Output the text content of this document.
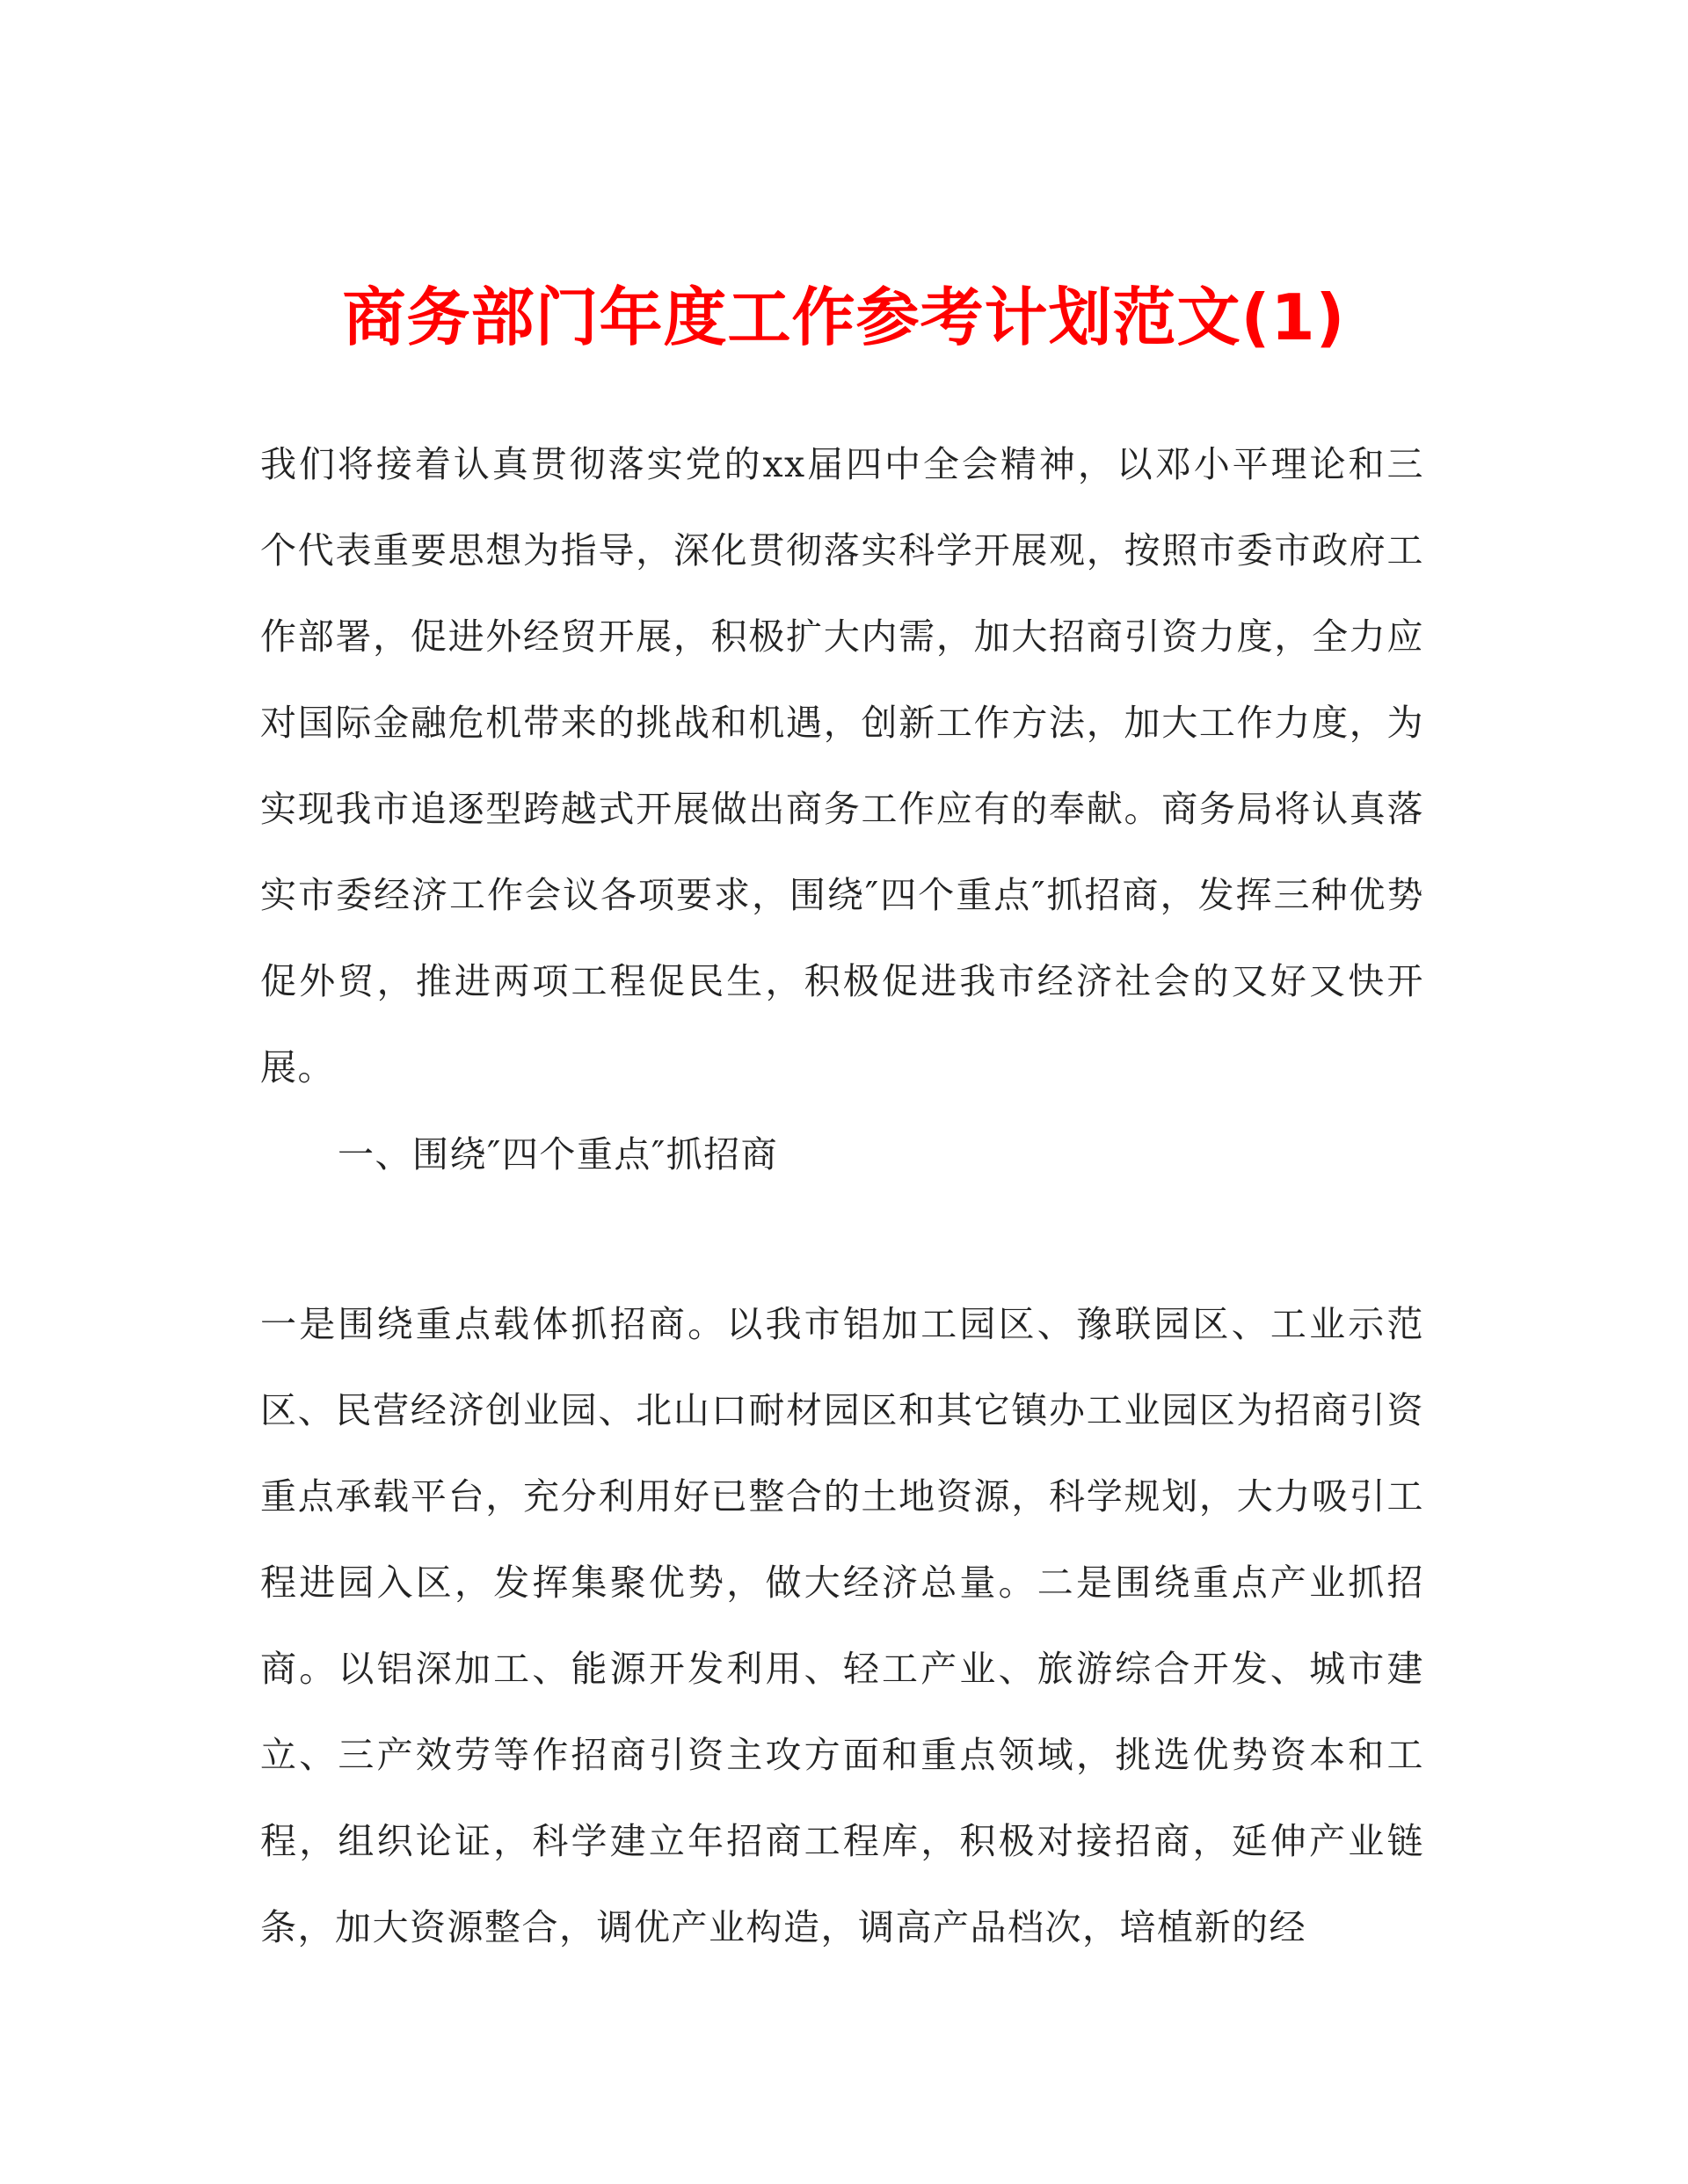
商务部门年度工作参考计划范文(1)
我们将接着认真贯彻落实党的xx届四中全会精神，以邓小平理论和三个代表重要思想为指导，深化贯彻落实科学开展观，按照市委市政府工作部署，促进外经贸开展，积极扩大内需，加大招商引资力度，全力应对国际金融危机带来的挑战和机遇，创新工作方法，加大工作力度，为实现我市追逐型跨越式开展做出商务工作应有的奉献。商务局将认真落实市委经济工作会议各项要求，围绕″四个重点″抓招商，发挥三种优势促外贸，推进两项工程促民生，积极促进我市经济社会的又好又快开展。
一、围绕″四个重点″抓招商
一是围绕重点载体抓招商。以我市铝加工园区、豫联园区、工业示范区、民营经济创业园、北山口耐材园区和其它镇办工业园区为招商引资重点承载平台，充分利用好已整合的土地资源，科学规划，大力吸引工程进园入区，发挥集聚优势，做大经济总量。二是围绕重点产业抓招商。以铝深加工、能源开发利用、轻工产业、旅游综合开发、城市建立、三产效劳等作招商引资主攻方面和重点领域，挑选优势资本和工程，组织论证，科学建立年招商工程库，积极对接招商，延伸产业链条，加大资源整合，调优产业构造，调高产品档次，培植新的经
